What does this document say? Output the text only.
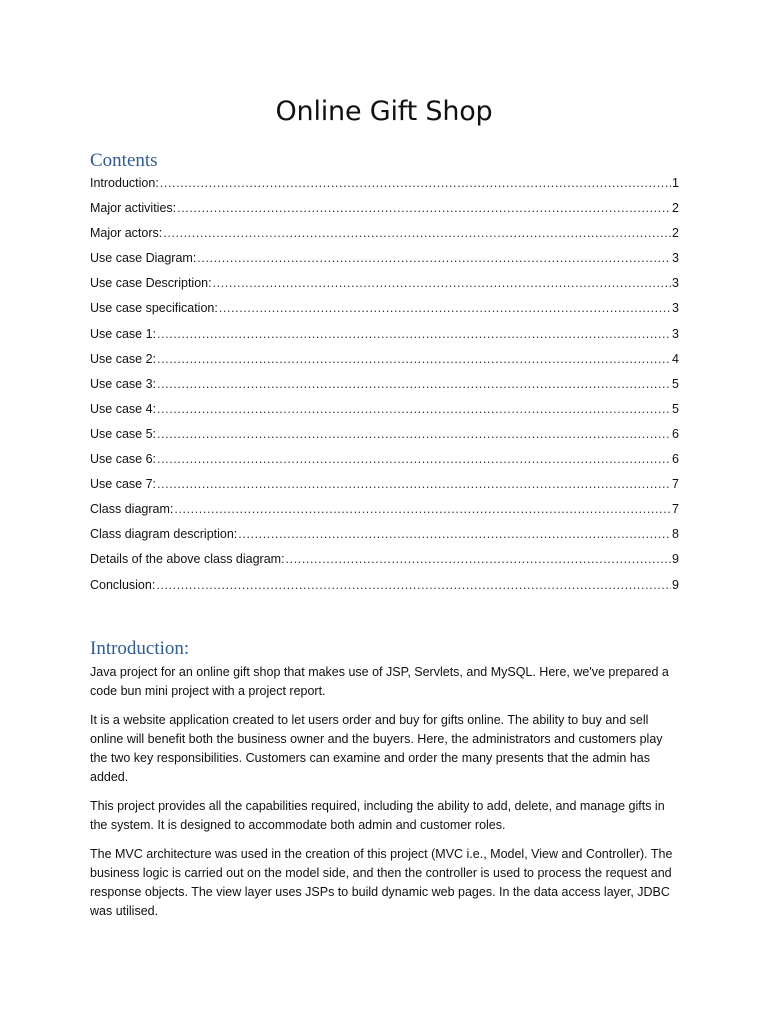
Online Gift Shop
Contents
Introduction: .....	1
Major activities: .....	2
Major actors: .....	2
Use case Diagram: .....	3
Use case Description: .....	3
Use case specification: .....	3
Use case 1: .....	3
Use case 2: .....	4
Use case 3: .....	5
Use case 4: .....	5
Use case 5: .....	6
Use case 6: .....	6
Use case 7: .....	7
Class diagram: .....	7
Class diagram description: .....	8
Details of the above class diagram: .....	9
Conclusion: .....	9
Introduction:

Java project for an online gift shop that makes use of JSP, Servlets, and MySQL. Here, we've prepared a code bun mini project with a project report.

It is a website application created to let users order and buy for gifts online. The ability to buy and sell online will benefit both the business owner and the buyers. Here, the administrators and customers play the two key responsibilities. Customers can examine and order the many presents that the admin has added.

This project provides all the capabilities required, including the ability to add, delete, and manage gifts in the system. It is designed to accommodate both admin and customer roles.

The MVC architecture was used in the creation of this project (MVC i.e., Model, View and Controller). The business logic is carried out on the model side, and then the controller is used to process the request and response objects. The view layer uses JSPs to build dynamic web pages. In the data access layer, JDBC was utilised.
